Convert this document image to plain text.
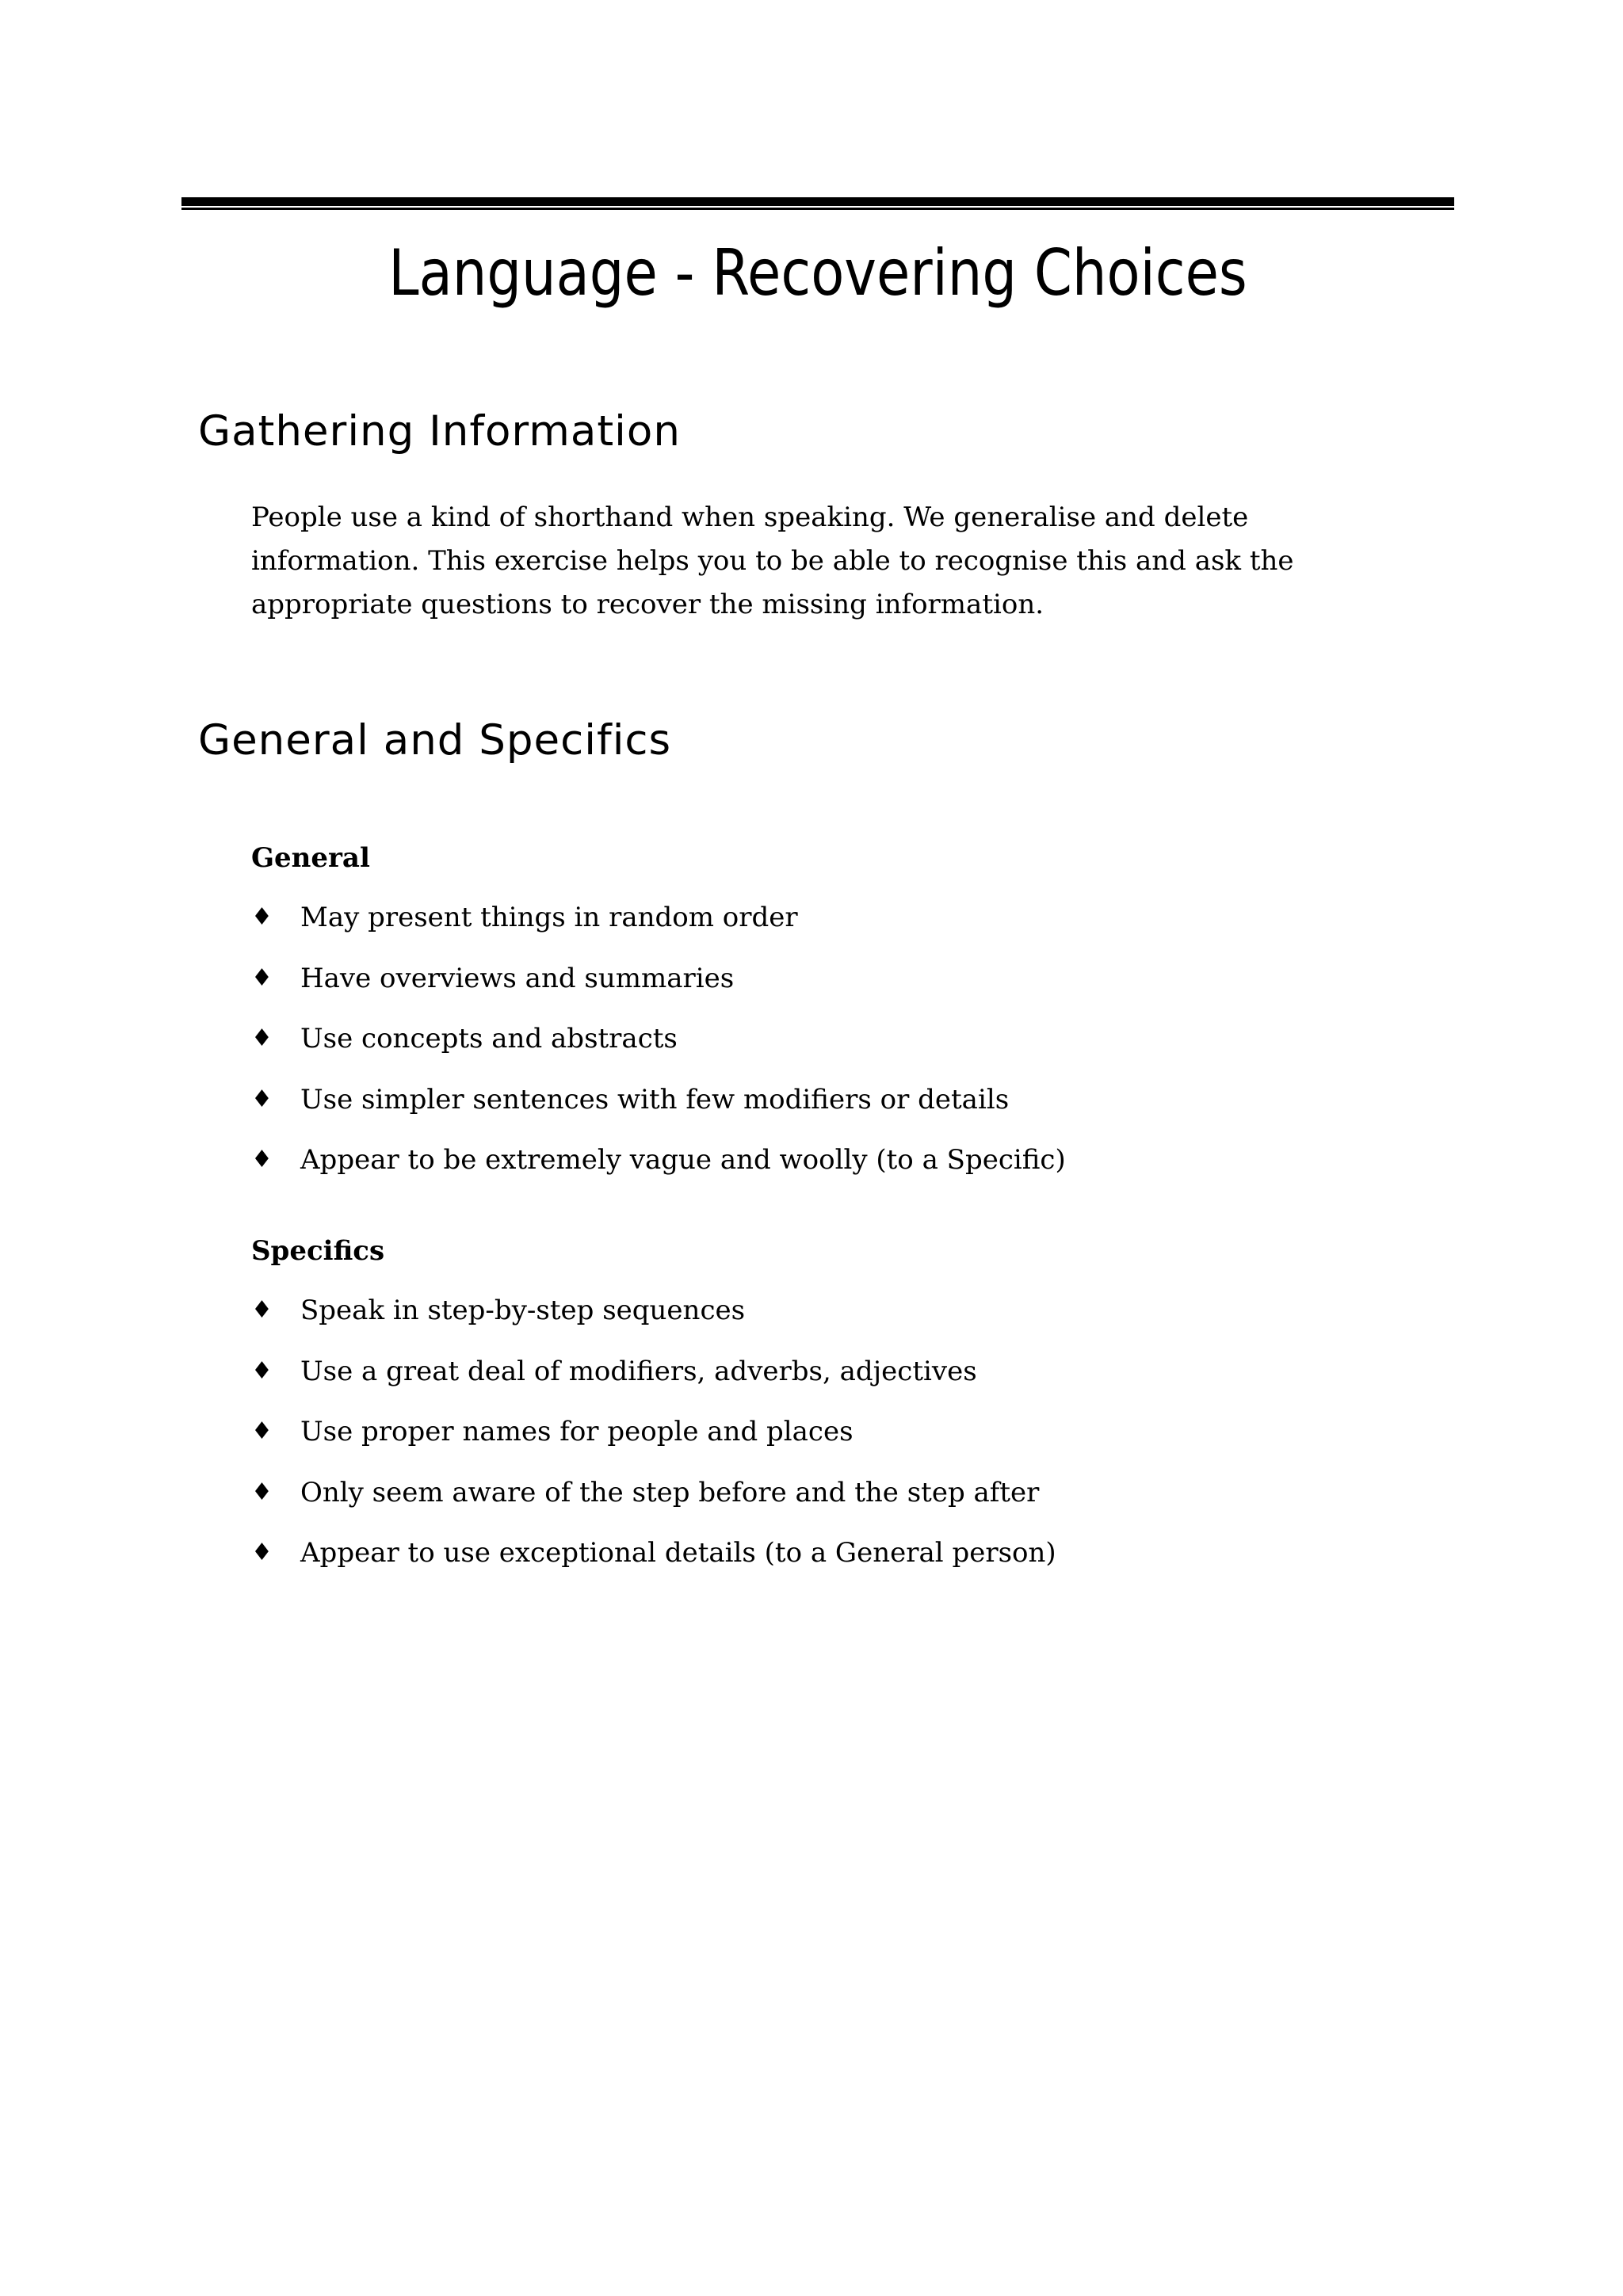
Language - Recovering Choices
Gathering Information

People use a kind of shorthand when speaking. We generalise and delete information. This exercise helps you to be able to recognise this and ask the appropriate questions to recover the missing information.

General and Specifics

General

♦	May present things in random order
♦	Have overviews and summaries
♦	Use concepts and abstracts
♦	Use simpler sentences with few modifiers or details
♦	Appear to be extremely vague and woolly (to a Specific)

Specifics

♦	Speak in step-by-step sequences
♦	Use a great deal of modifiers, adverbs, adjectives
♦	Use proper names for people and places
♦	Only seem aware of the step before and the step after
♦	Appear to use exceptional details (to a General person)
